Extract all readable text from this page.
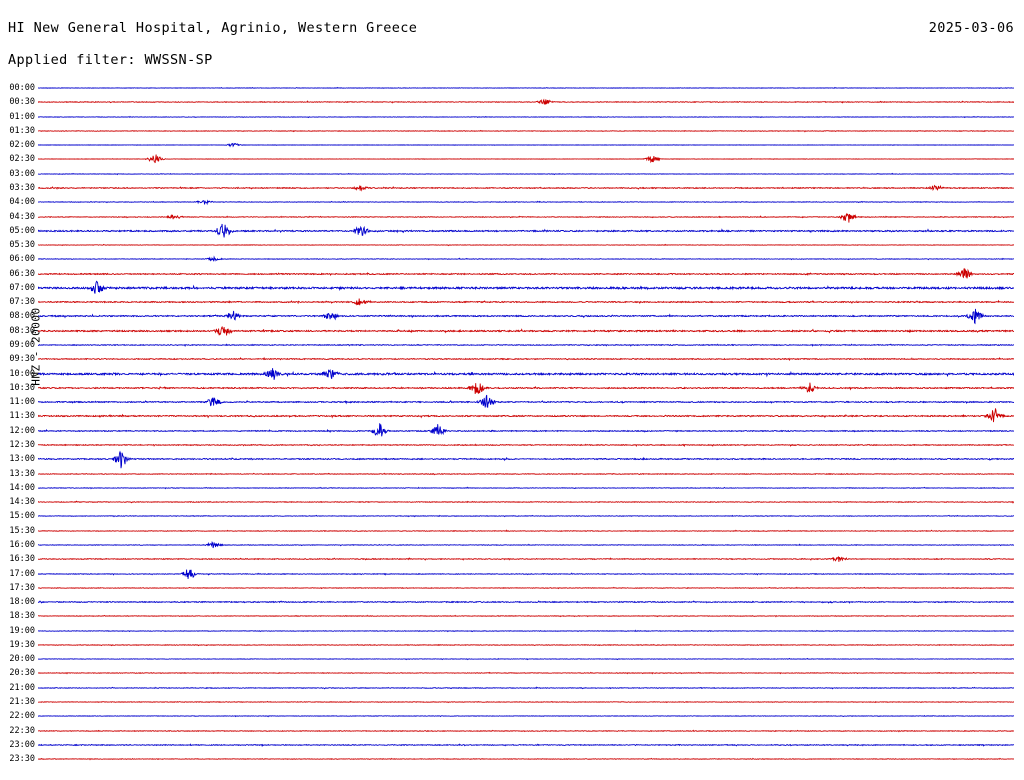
HI New General Hospital, Agrinio, Western Greece	2025-03-06
Applied filter: WWSSN-SP
HNZ - 20000
00:00
00:30
01:00
01:30
02:00
02:30
03:00
03:30
04:00
04:30
05:00
05:30
06:00
06:30
07:00
07:30
08:00
08:30
09:00
09:30
10:00
10:30
11:00
11:30
12:00
12:30
13:00
13:30
14:00
14:30
15:00
15:30
16:00
16:30
17:00
17:30
18:00
18:30
19:00
19:30
20:00
20:30
21:00
21:30
22:00
22:30
23:00
23:30
